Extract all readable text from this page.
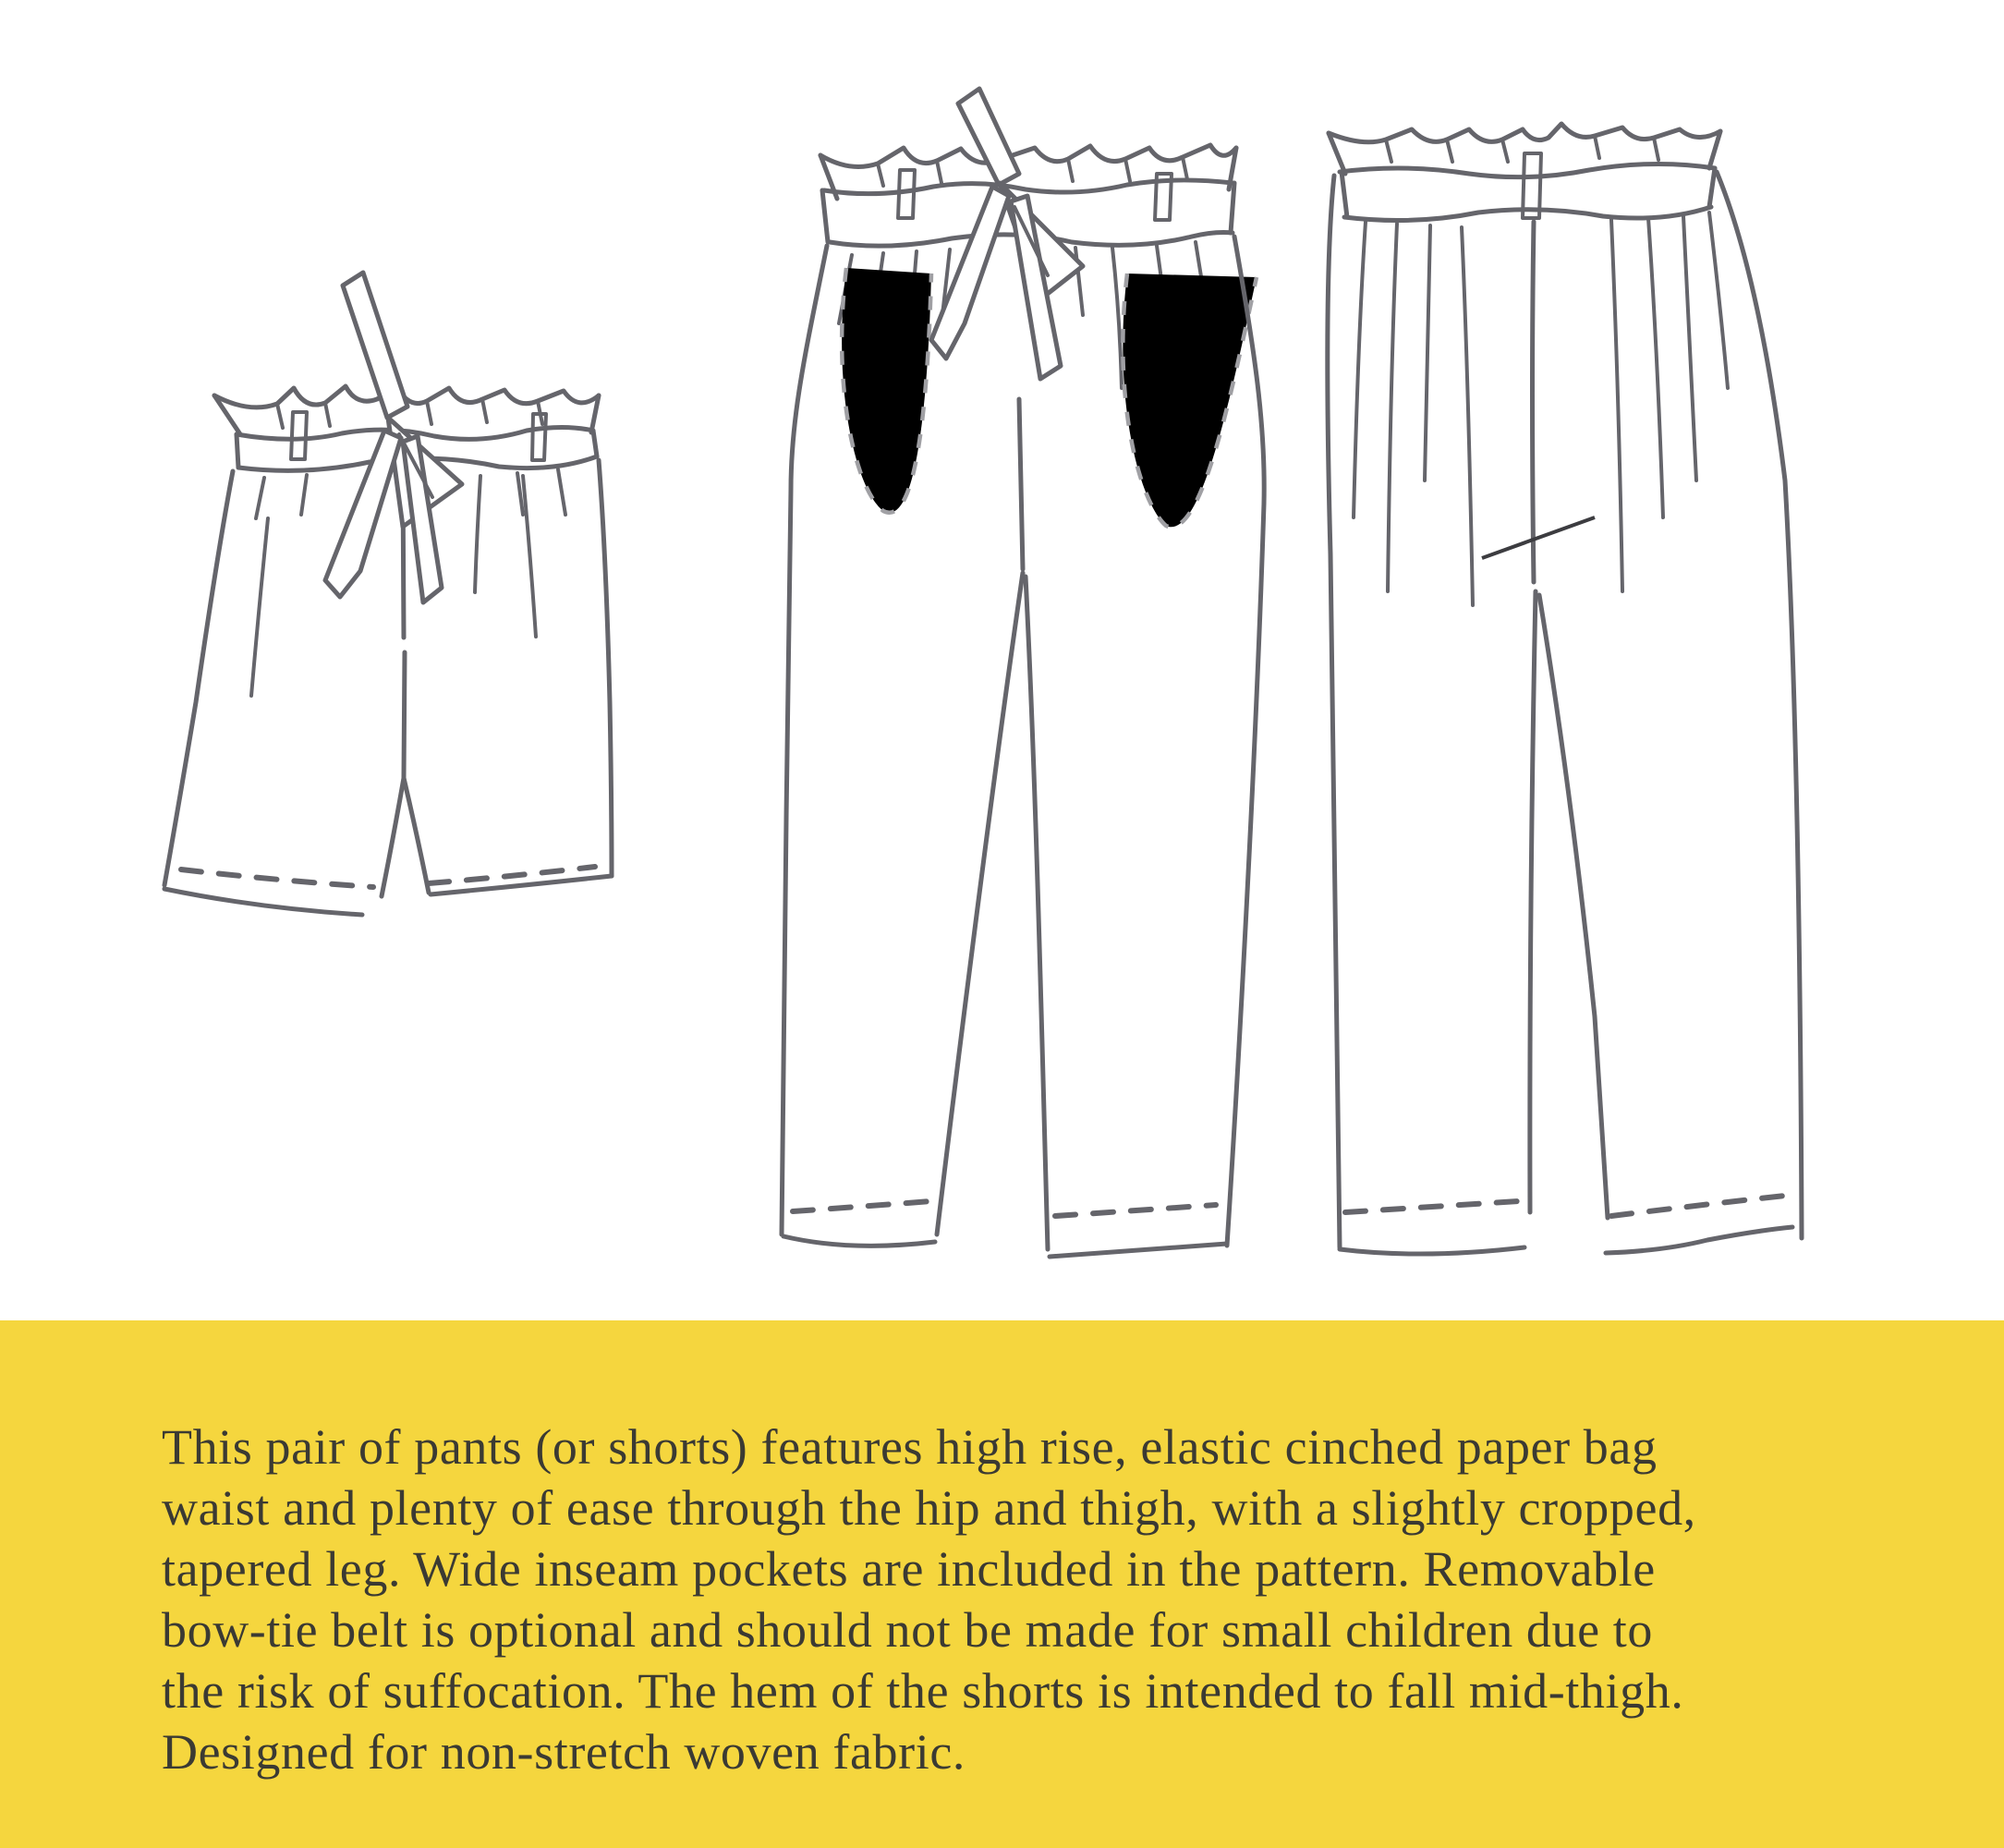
This pair of pants (or shorts) features high rise, elastic cinched paper bag
waist and plenty of ease through the hip and thigh, with a slightly cropped,
tapered leg. Wide inseam pockets are included in the pattern. Removable
bow-tie belt is optional and should not be made for small children due to
the risk of suffocation. The hem of the shorts is intended to fall mid-thigh.
Designed for non-stretch woven fabric.
